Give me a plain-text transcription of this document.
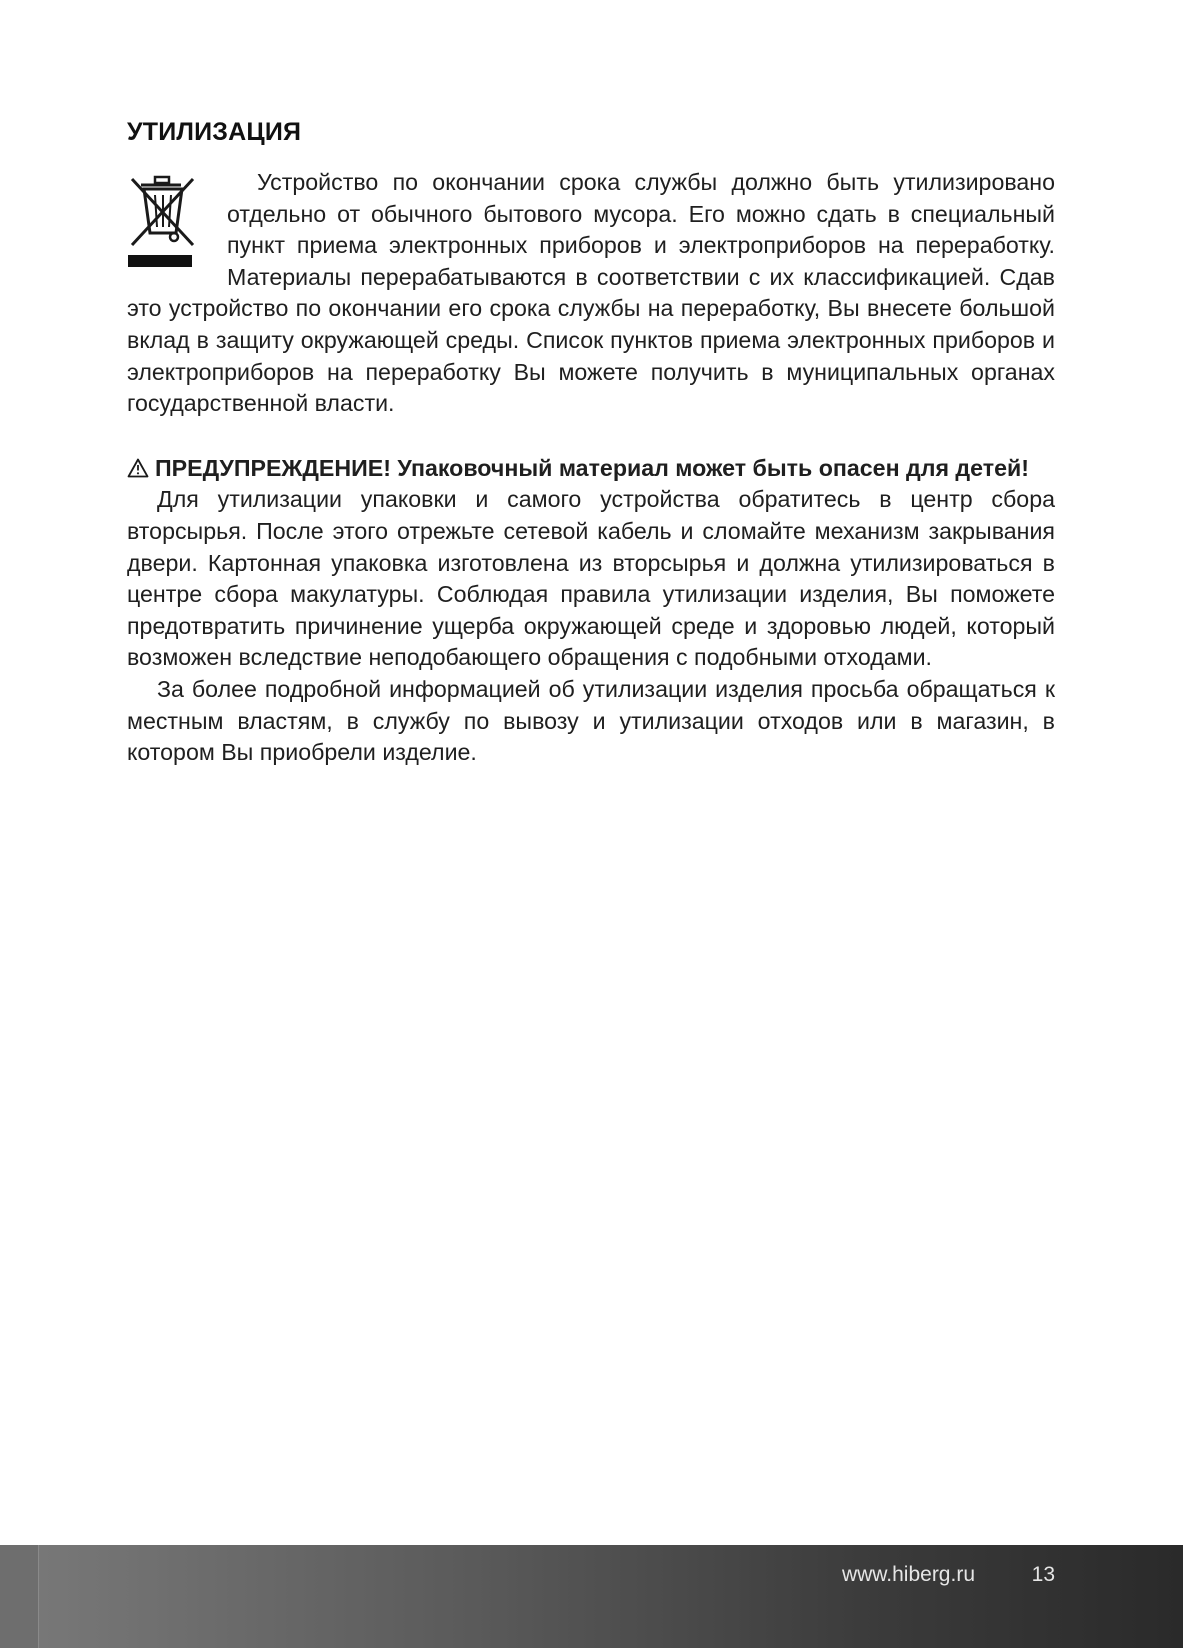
УТИЛИЗАЦИЯ

Устройство по окончании срока службы должно быть утилизировано отдельно от обычного бытового мусора. Его можно сдать в специальный пункт приема электронных приборов и электроприборов на переработку. Материалы перерабатываются в соответствии с их классификацией. Сдав это устройство по окончании его срока службы на переработку, Вы внесете большой вклад в защиту окружающей среды. Список пунктов приема электронных приборов и электроприборов на переработку Вы можете получить в муниципальных органах государственной власти.

ПРЕДУПРЕЖДЕНИЕ! Упаковочный материал может быть опасен для детей!

Для утилизации упаковки и самого устройства обратитесь в центр сбора вторсырья. После этого отрежьте сетевой кабель и сломайте механизм закрывания двери. Картонная упаковка изготовлена из вторсырья и должна утилизироваться в центре сбора макулатуры. Соблюдая правила утилизации изделия, Вы поможете предотвратить причинение ущерба окружающей среде и здоровью людей, который возможен вследствие неподобающего обращения с подобными отходами.

За более подробной информацией об утилизации изделия просьба обращаться к местным властям, в службу по вывозу и утилизации отходов или в магазин, в котором Вы приобрели изделие.

www.hiberg.ru	13
